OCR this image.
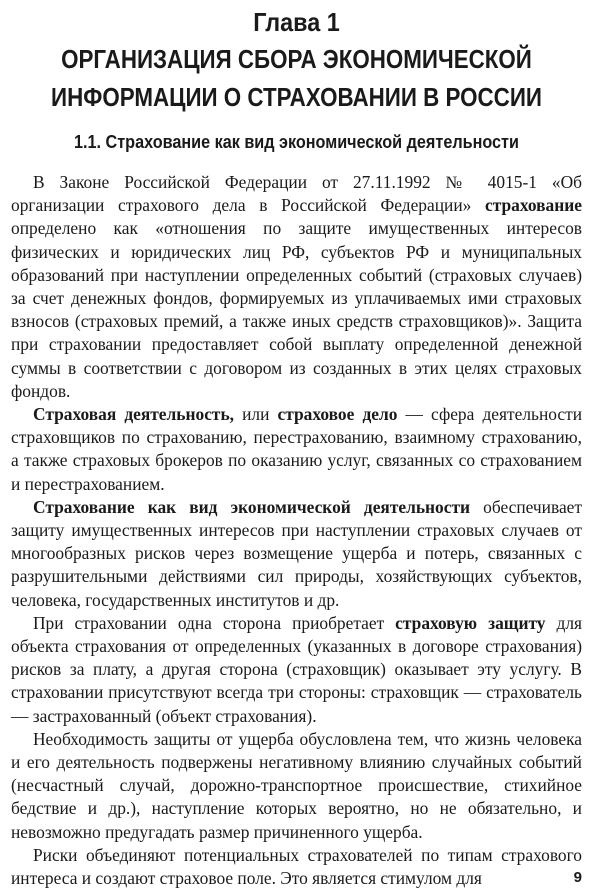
Глава 1
ОРГАНИЗАЦИЯ СБОРА ЭКОНОМИЧЕСКОЙ
ИНФОРМАЦИИ О СТРАХОВАНИИ В РОССИИ
1.1. Страхование как вид экономической деятельности

В Законе Российской Федерации от 27.11.1992 № 4015-1 «Об организации страхового дела в Российской Федерации» страхование определено как «отношения по защите имущественных интересов физических и юридических лиц РФ, субъектов РФ и муниципальных образований при наступлении определенных событий (страховых случаев) за счет денежных фондов, формируемых из уплачиваемых ими страховых взносов (страховых премий, а также иных средств страховщиков)». Защита при страховании предоставляет собой выплату определенной денежной суммы в соответствии с договором из созданных в этих целях страховых фондов.

Страховая деятельность, или страховое дело — сфера деятельности страховщиков по страхованию, перестрахованию, взаимному страхованию, а также страховых брокеров по оказанию услуг, связанных со страхованием и перестрахованием.

Страхование как вид экономической деятельности обеспечивает защиту имущественных интересов при наступлении страховых случаев от многообразных рисков через возмещение ущерба и потерь, связанных с разрушительными действиями сил природы, хозяйствующих субъектов, человека, государственных институтов и др.

При страховании одна сторона приобретает страховую защиту для объекта страхования от определенных (указанных в договоре страхования) рисков за плату, а другая сторона (страховщик) оказывает эту услугу. В страховании присутствуют всегда три стороны: страховщик — страхователь — застрахованный (объект страхования).

Необходимость защиты от ущерба обусловлена тем, что жизнь человека и его деятельность подвержены негативному влиянию случайных событий (несчастный случай, дорожно-транспортное происшествие, стихийное бедствие и др.), наступление которых вероятно, но не обязательно, и невозможно предугадать размер причиненного ущерба.

Риски объединяют потенциальных страхователей по типам страхового интереса и создают страховое поле. Это является стимулом для	9
